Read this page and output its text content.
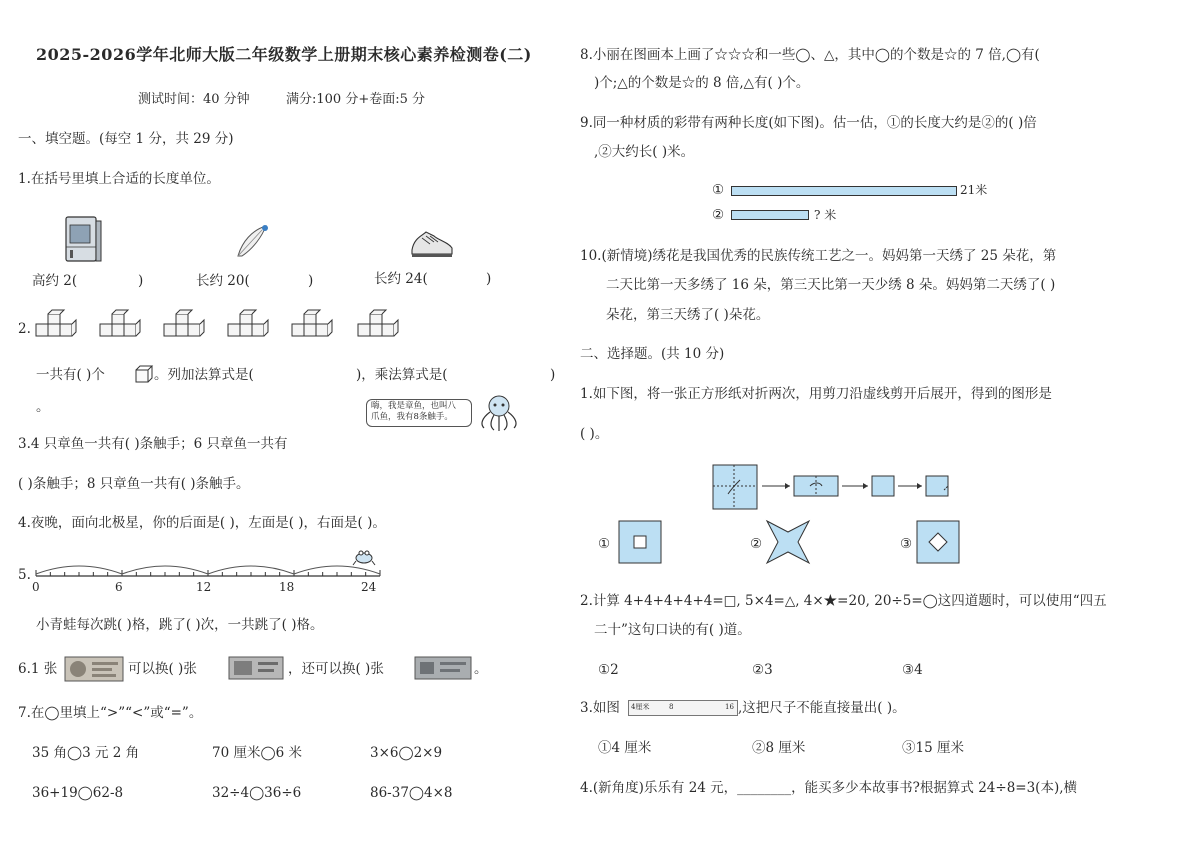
2025-2026学年北师大版二年级数学上册期末核心素养检测卷(二)
测试时间：40 分钟	满分:100 分+卷面:5 分
一、填空题。(每空 1 分，共 29 分)
1.在括号里填上合适的长度单位。
高约 2(	)	长约 20(	)	长约 24(	)
2.
一共有( )个	。列加法算式是(	)，乘法算式是(	)
。	嗨，我是章鱼，也叫八
爪鱼，我有8条触手。
3.4 只章鱼一共有( )条触手；6 只章鱼一共有
( )条触手；8 只章鱼一共有( )条触手。
4.夜晚，面向北极星，你的后面是( )，左面是( )，右面是( )。
5.
0	6	12	18	24
小青蛙每次跳( )格，跳了( )次，一共跳了( )格。
6.1 张	可以换( )张	，还可以换( )张	。
7.在◯里填上“>”“<”或“=”。
35 角◯3 元 2 角	70 厘米◯6 米	3×6◯2×9
36+19◯62-8	32÷4◯36÷6	86-37◯4×8
8.小丽在图画本上画了☆☆☆和一些◯、△，其中◯的个数是☆的 7 倍,◯有(
)个;△的个数是☆的 8 倍,△有( )个。
9.同一种材质的彩带有两种长度(如下图)。估一估，①的长度大约是②的( )倍
,②大约长( )米。
①	21米
②	? 米
10.(新情境)绣花是我国优秀的民族传统工艺之一。妈妈第一天绣了 25 朵花，第
二天比第一天多绣了 16 朵，第三天比第一天少绣 8 朵。妈妈第二天绣了( )
朵花，第三天绣了( )朵花。
二、选择题。(共 10 分)
1.如下图，将一张正方形纸对折两次，用剪刀沿虚线剪开后展开，得到的图形是
( )。
①	②	③
2.计算 4+4+4+4+4=□, 5×4=△, 4×★=20, 20÷5=◯这四道题时，可以使用“四五
二十”这句口诀的有( )道。
①2	②3	③4
3.如图 4厘米	8	16 ,这把尺子不能直接量出( )。
①4 厘米	②8 厘米	③15 厘米
4.(新角度)乐乐有 24 元，________，能买多少本故事书?根据算式 24÷8=3(本),横
